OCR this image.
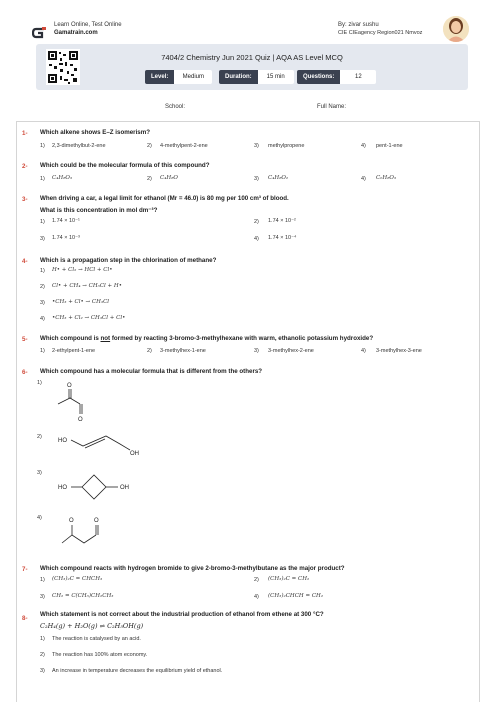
Learn Online, Test Online
Gamatrain.com
By: zivar sushu
CIE CIEagency Region021 Nmvoz
7404/2 Chemistry Jun 2021 Quiz | AQA AS Level MCQ
Level:	Medium	Duration:	15 min	Questions:	12
School:	Full Name:
1- Which alkene shows E–Z isomerism?
1) 2,3-dimethylbut-2-ene	2) 4-methylpent-2-ene	3) methylpropene	4) pent-1-ene
2- Which could be the molecular formula of this compound?
1) C₄H₈O₃	2) C₄H₈O	3) C₄H₈O₂	4) C₆H₈O₃
3- When driving a car, a legal limit for ethanol (Mr = 46.0) is 80 mg per 100 cm³ of blood.
What is this concentration in mol dm⁻³?
1) 1.74 × 10⁻¹	2) 1.74 × 10⁻²
3) 1.74 × 10⁻³	4) 1.74 × 10⁻⁴
4- Which is a propagation step in the chlorination of methane?
1) H• + Cl₂ → HCl + Cl•
2) Cl• + CH₄ → CH₃Cl + H•
3) •CH₃ + Cl• → CH₃Cl
4) •CH₃ + Cl₂ → CH₃Cl + Cl•
5- Which compound is not formed by reacting 3-bromo-3-methylhexane with warm, ethanolic potassium hydroxide?
1) 2-ethylpent-1-ene	2) 3-methylhex-1-ene	3) 3-methylhex-2-ene	4) 3-methylhex-3-ene
6- Which compound has a molecular formula that is different from the others?
1)	O
O
2)
HO
OH
3)
HO	OH
4)	O	O
7- Which compound reacts with hydrogen bromide to give 2-bromo-3-methylbutane as the major product?
1) (CH₃)₂C = CHCH₃	2) (CH₃)₂C = CH₂
3) CH₂ = C(CH₃)CH₂CH₃	4) (CH₃)₂CHCH = CH₂
8-
Which statement is not correct about the industrial production of ethanol from ethene at 300 °C?
C₂H₄(g) + H₂O(g) ⇌ C₂H₅OH(g)
1) The reaction is catalysed by an acid.
2) The reaction has 100% atom economy.
3) An increase in temperature decreases the equilibrium yield of ethanol.
